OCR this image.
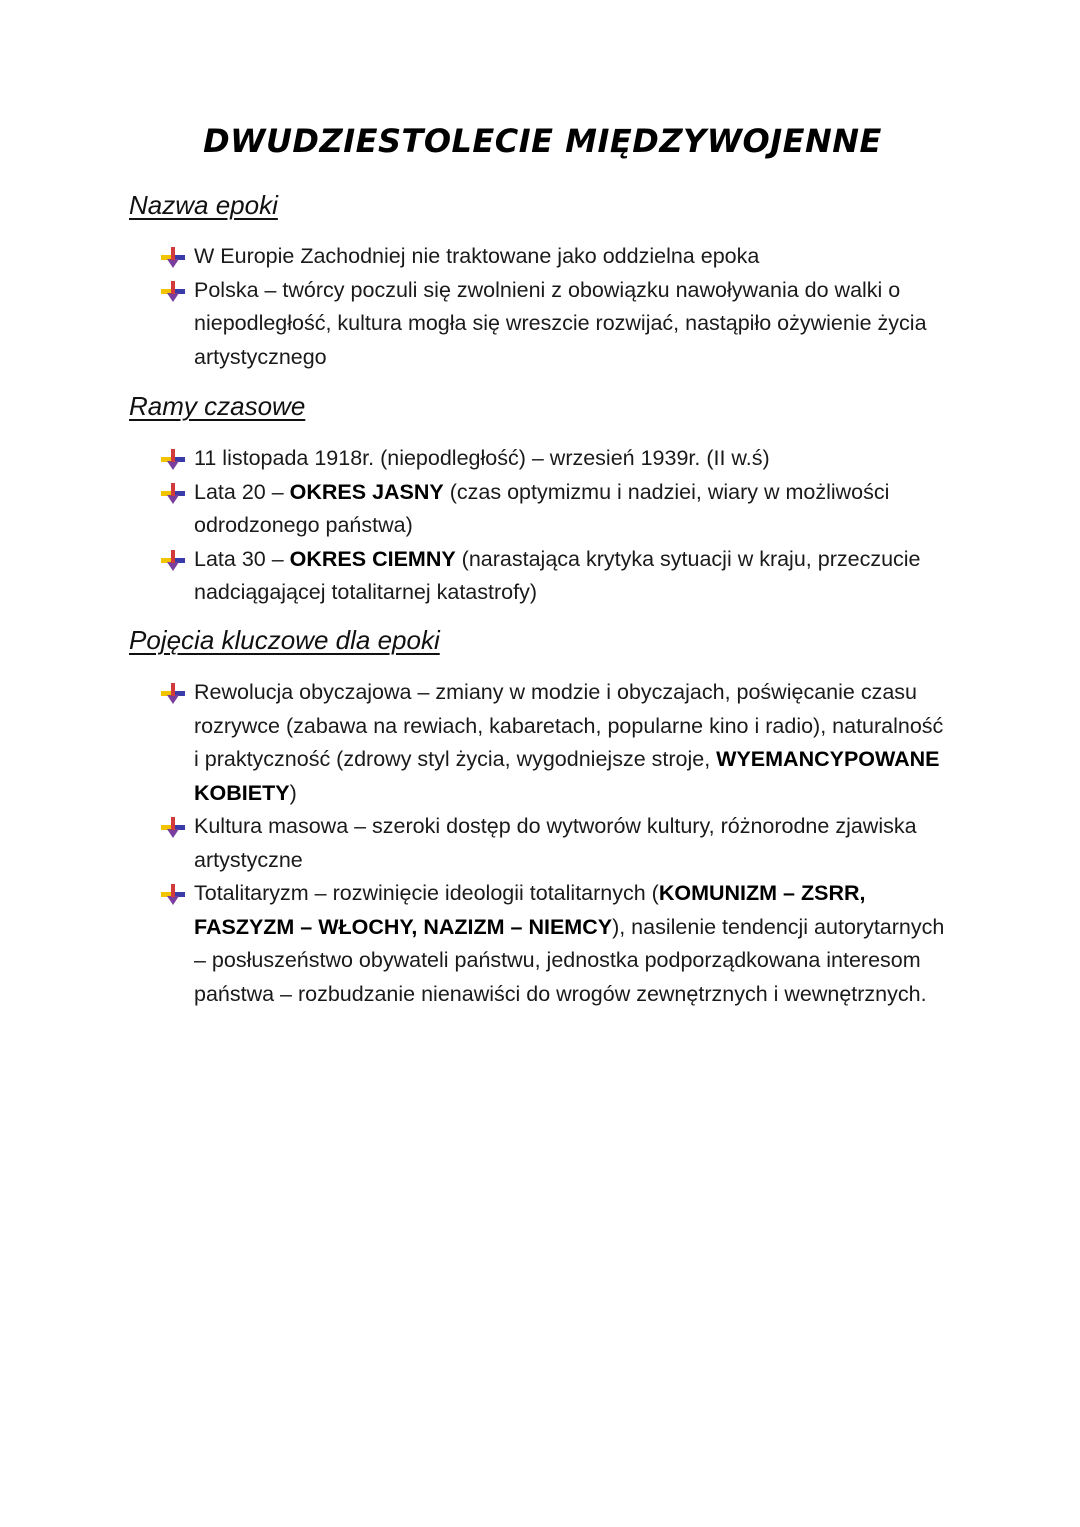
DWUDZIESTOLECIE MIĘDZYWOJENNE
Nazwa epoki
W Europie Zachodniej nie traktowane jako oddzielna epoka
Polska – twórcy poczuli się zwolnieni z obowiązku nawoływania do walki o niepodległość, kultura mogła się wreszcie rozwijać, nastąpiło ożywienie życia artystycznego
Ramy czasowe
11 listopada 1918r. (niepodległość) – wrzesień 1939r. (II w.ś)
Lata 20 – OKRES JASNY (czas optymizmu i nadziei, wiary w możliwości odrodzonego państwa)
Lata 30 – OKRES CIEMNY (narastająca krytyka sytuacji w kraju, przeczucie nadciągającej totalitarnej katastrofy)
Pojęcia kluczowe dla epoki
Rewolucja obyczajowa – zmiany w modzie i obyczajach, poświęcanie czasu rozrywce (zabawa na rewiach, kabaretach, popularne kino i radio), naturalność i praktyczność (zdrowy styl życia, wygodniejsze stroje, WYEMANCYPOWANE KOBIETY)
Kultura masowa – szeroki dostęp do wytworów kultury, różnorodne zjawiska artystyczne
Totalitaryzm – rozwinięcie ideologii totalitarnych (KOMUNIZM – ZSRR, FASZYZM – WŁOCHY, NAZIZM – NIEMCY), nasilenie tendencji autorytarnych – posłuszeństwo obywateli państwu, jednostka podporządkowana interesom państwa – rozbudzanie nienawiści do wrogów zewnętrznych i wewnętrznych.
